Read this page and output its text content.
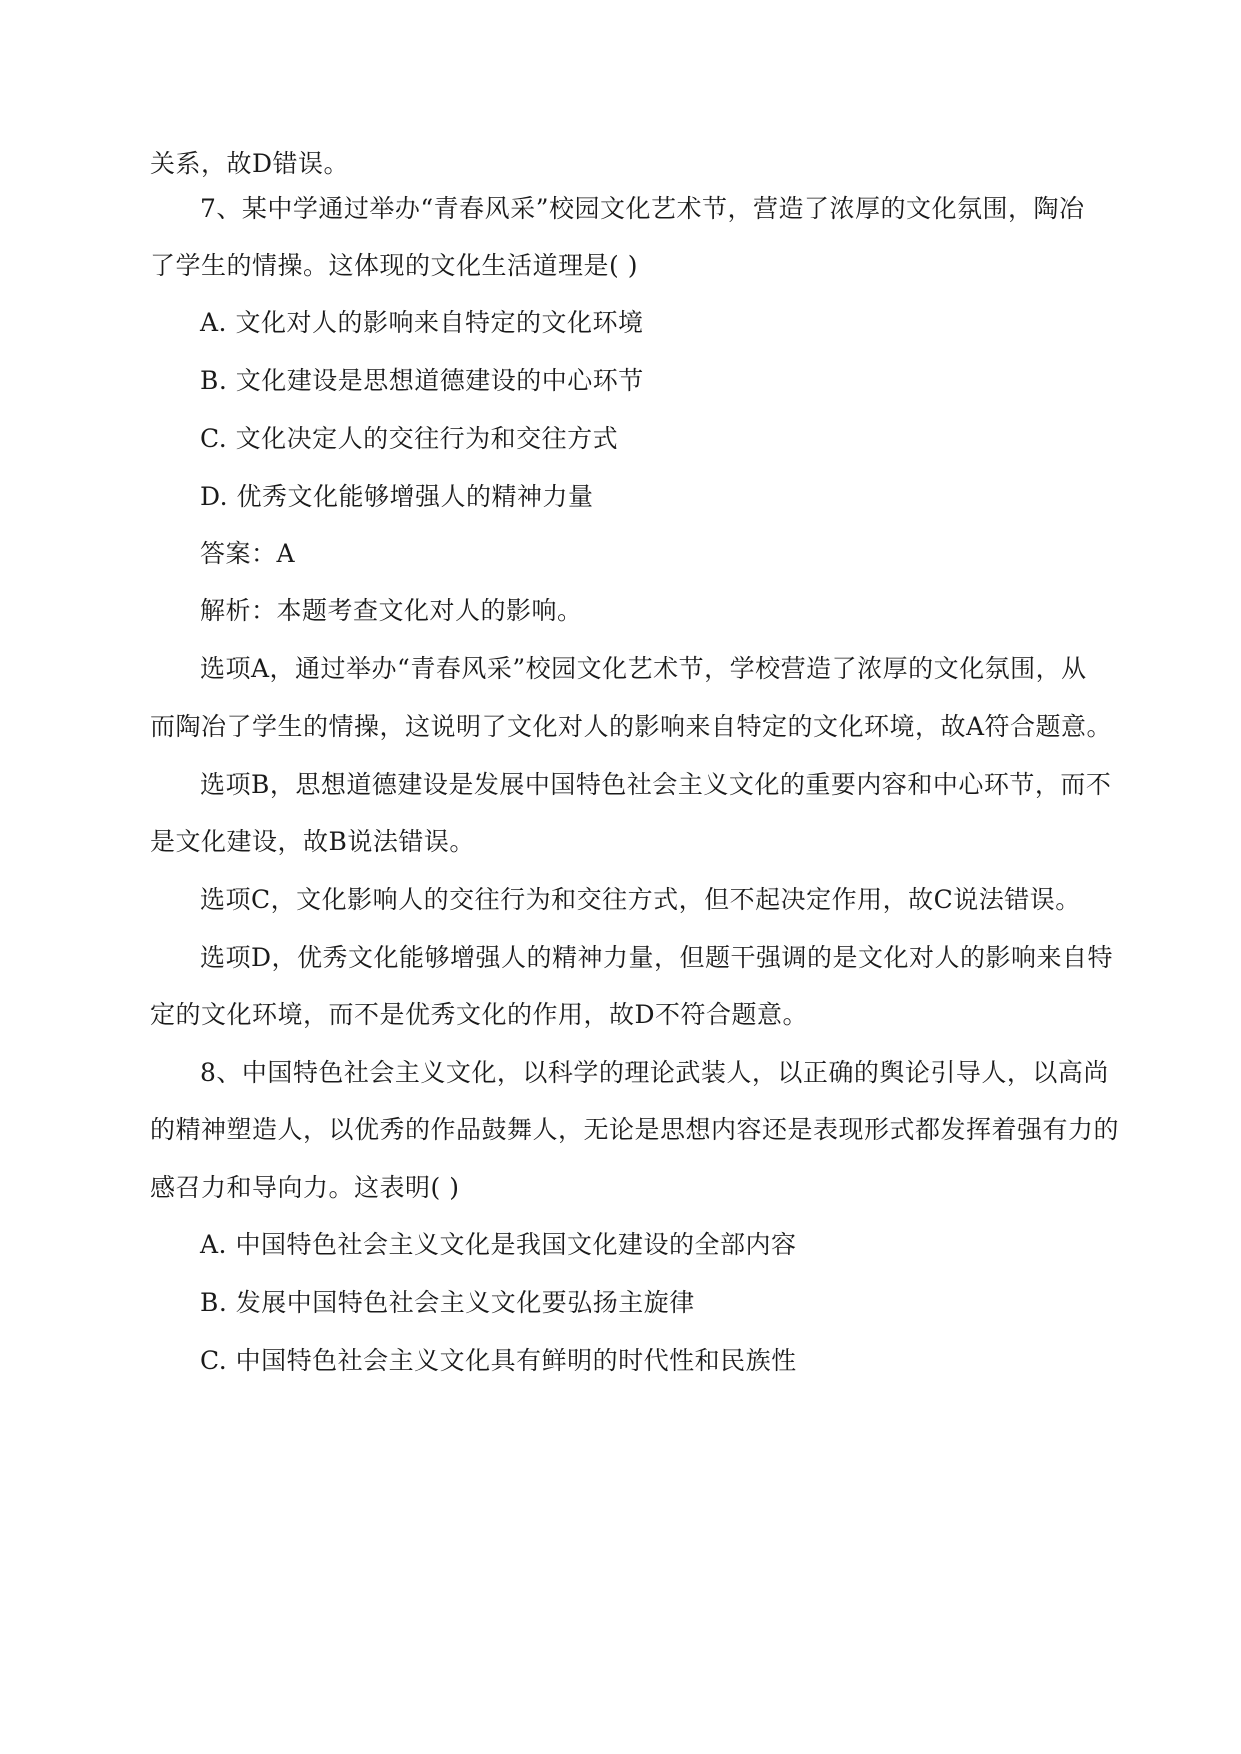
关系，故D错误。
7、某中学通过举办“青春风采”校园文化艺术节，营造了浓厚的文化氛围，陶冶
了学生的情操。这体现的文化生活道理是( )
A. 文化对人的影响来自特定的文化环境
B. 文化建设是思想道德建设的中心环节
C. 文化决定人的交往行为和交往方式
D. 优秀文化能够增强人的精神力量
答案：A
解析：本题考查文化对人的影响。
选项A，通过举办“青春风采”校园文化艺术节，学校营造了浓厚的文化氛围，从
而陶冶了学生的情操，这说明了文化对人的影响来自特定的文化环境，故A符合题意。
选项B，思想道德建设是发展中国特色社会主义文化的重要内容和中心环节，而不
是文化建设，故B说法错误。
选项C，文化影响人的交往行为和交往方式，但不起决定作用，故C说法错误。
选项D，优秀文化能够增强人的精神力量，但题干强调的是文化对人的影响来自特
定的文化环境，而不是优秀文化的作用，故D不符合题意。
8、中国特色社会主义文化，以科学的理论武装人，以正确的舆论引导人，以高尚
的精神塑造人，以优秀的作品鼓舞人，无论是思想内容还是表现形式都发挥着强有力的
感召力和导向力。这表明( )
A. 中国特色社会主义文化是我国文化建设的全部内容
B. 发展中国特色社会主义文化要弘扬主旋律
C. 中国特色社会主义文化具有鲜明的时代性和民族性
